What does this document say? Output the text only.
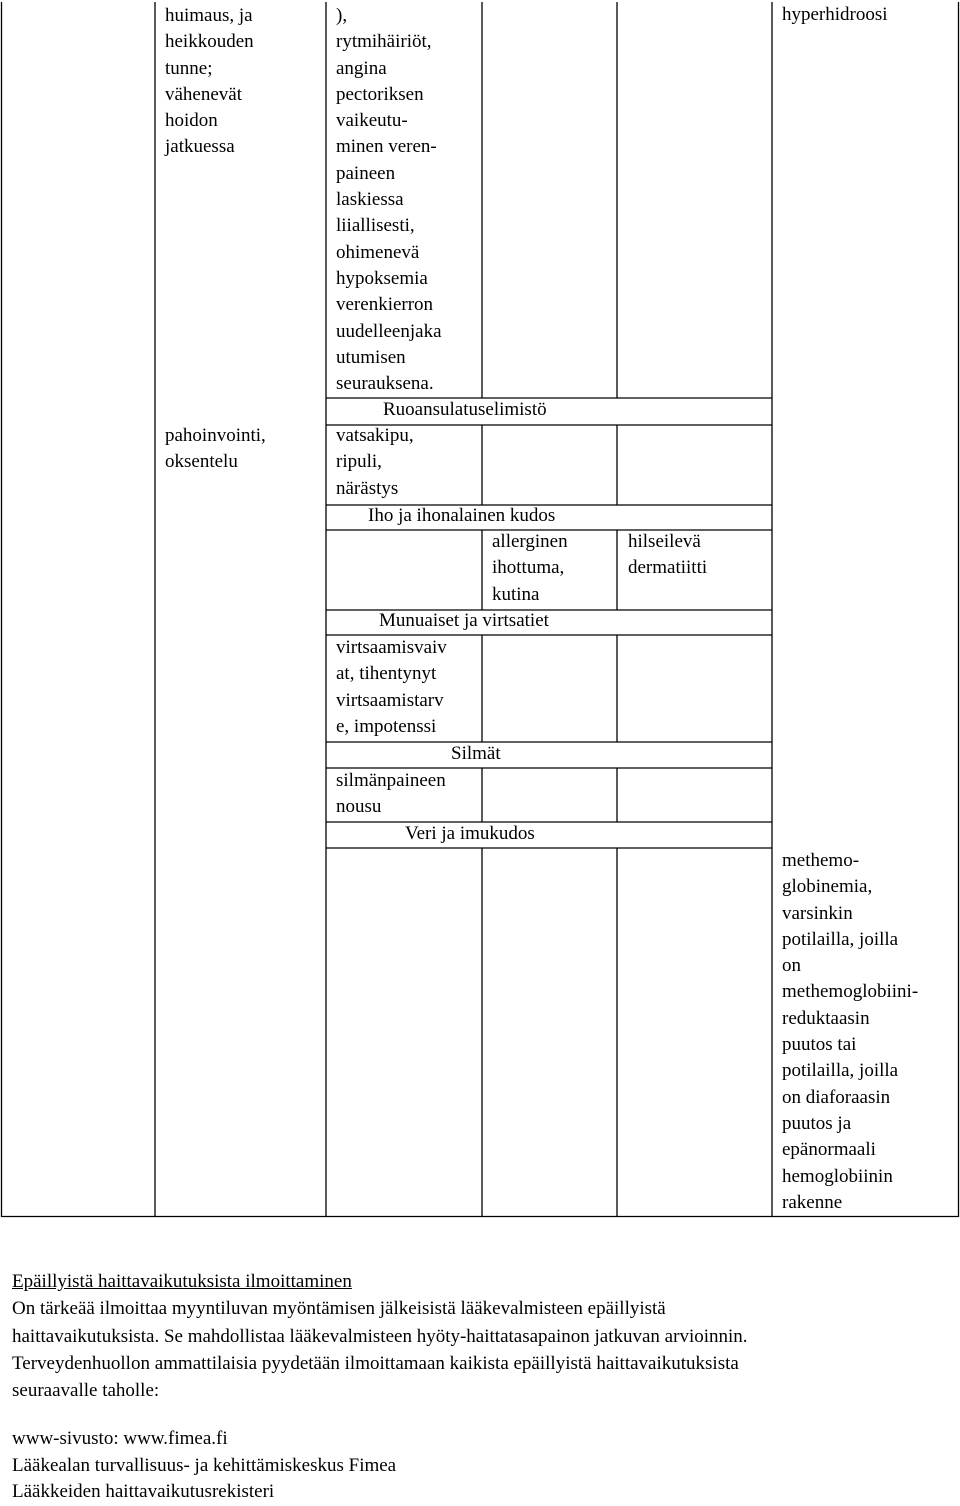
huimaus, ja
heikkouden
tunne;
vähenevät
hoidon
jatkuessa
),
rytmihäiriöt,
angina
pectoriksen
vaikeutu-
minen veren-
paineen
laskiessa
liiallisesti,
ohimenevä
hypoksemia
verenkierron
uudelleenjaka
utumisen
seurauksena.
hyperhidroosi
Ruoansulatuselimistö
pahoinvointi,
oksentelu
vatsakipu,
ripuli,
närästys
Iho ja ihonalainen kudos
allerginen
ihottuma,
kutina
hilseilevä
dermatiitti
Munuaiset ja virtsatiet
virtsaamisvaiv
at, tihentynyt
virtsaamistarv
e, impotenssi
Silmät
silmänpaineen
nousu
Veri ja imukudos
methemo-
globinemia,
varsinkin
potilailla, joilla
on
methemoglobiini-
reduktaasin
puutos tai
potilailla, joilla
on diaforaasin
puutos ja
epänormaali
hemoglobiinin
rakenne
Epäillyistä haittavaikutuksista ilmoittaminen
On tärkeää ilmoittaa myyntiluvan myöntämisen jälkeisistä lääkevalmisteen epäillyistä
haittavaikutuksista. Se mahdollistaa lääkevalmisteen hyöty-haittatasapainon jatkuvan arvioinnin.
Terveydenhuollon ammattilaisia pyydetään ilmoittamaan kaikista epäillyistä haittavaikutuksista
seuraavalle taholle:
www-sivusto: www.fimea.fi
Lääkealan turvallisuus- ja kehittämiskeskus Fimea
Lääkkeiden haittavaikutusrekisteri
